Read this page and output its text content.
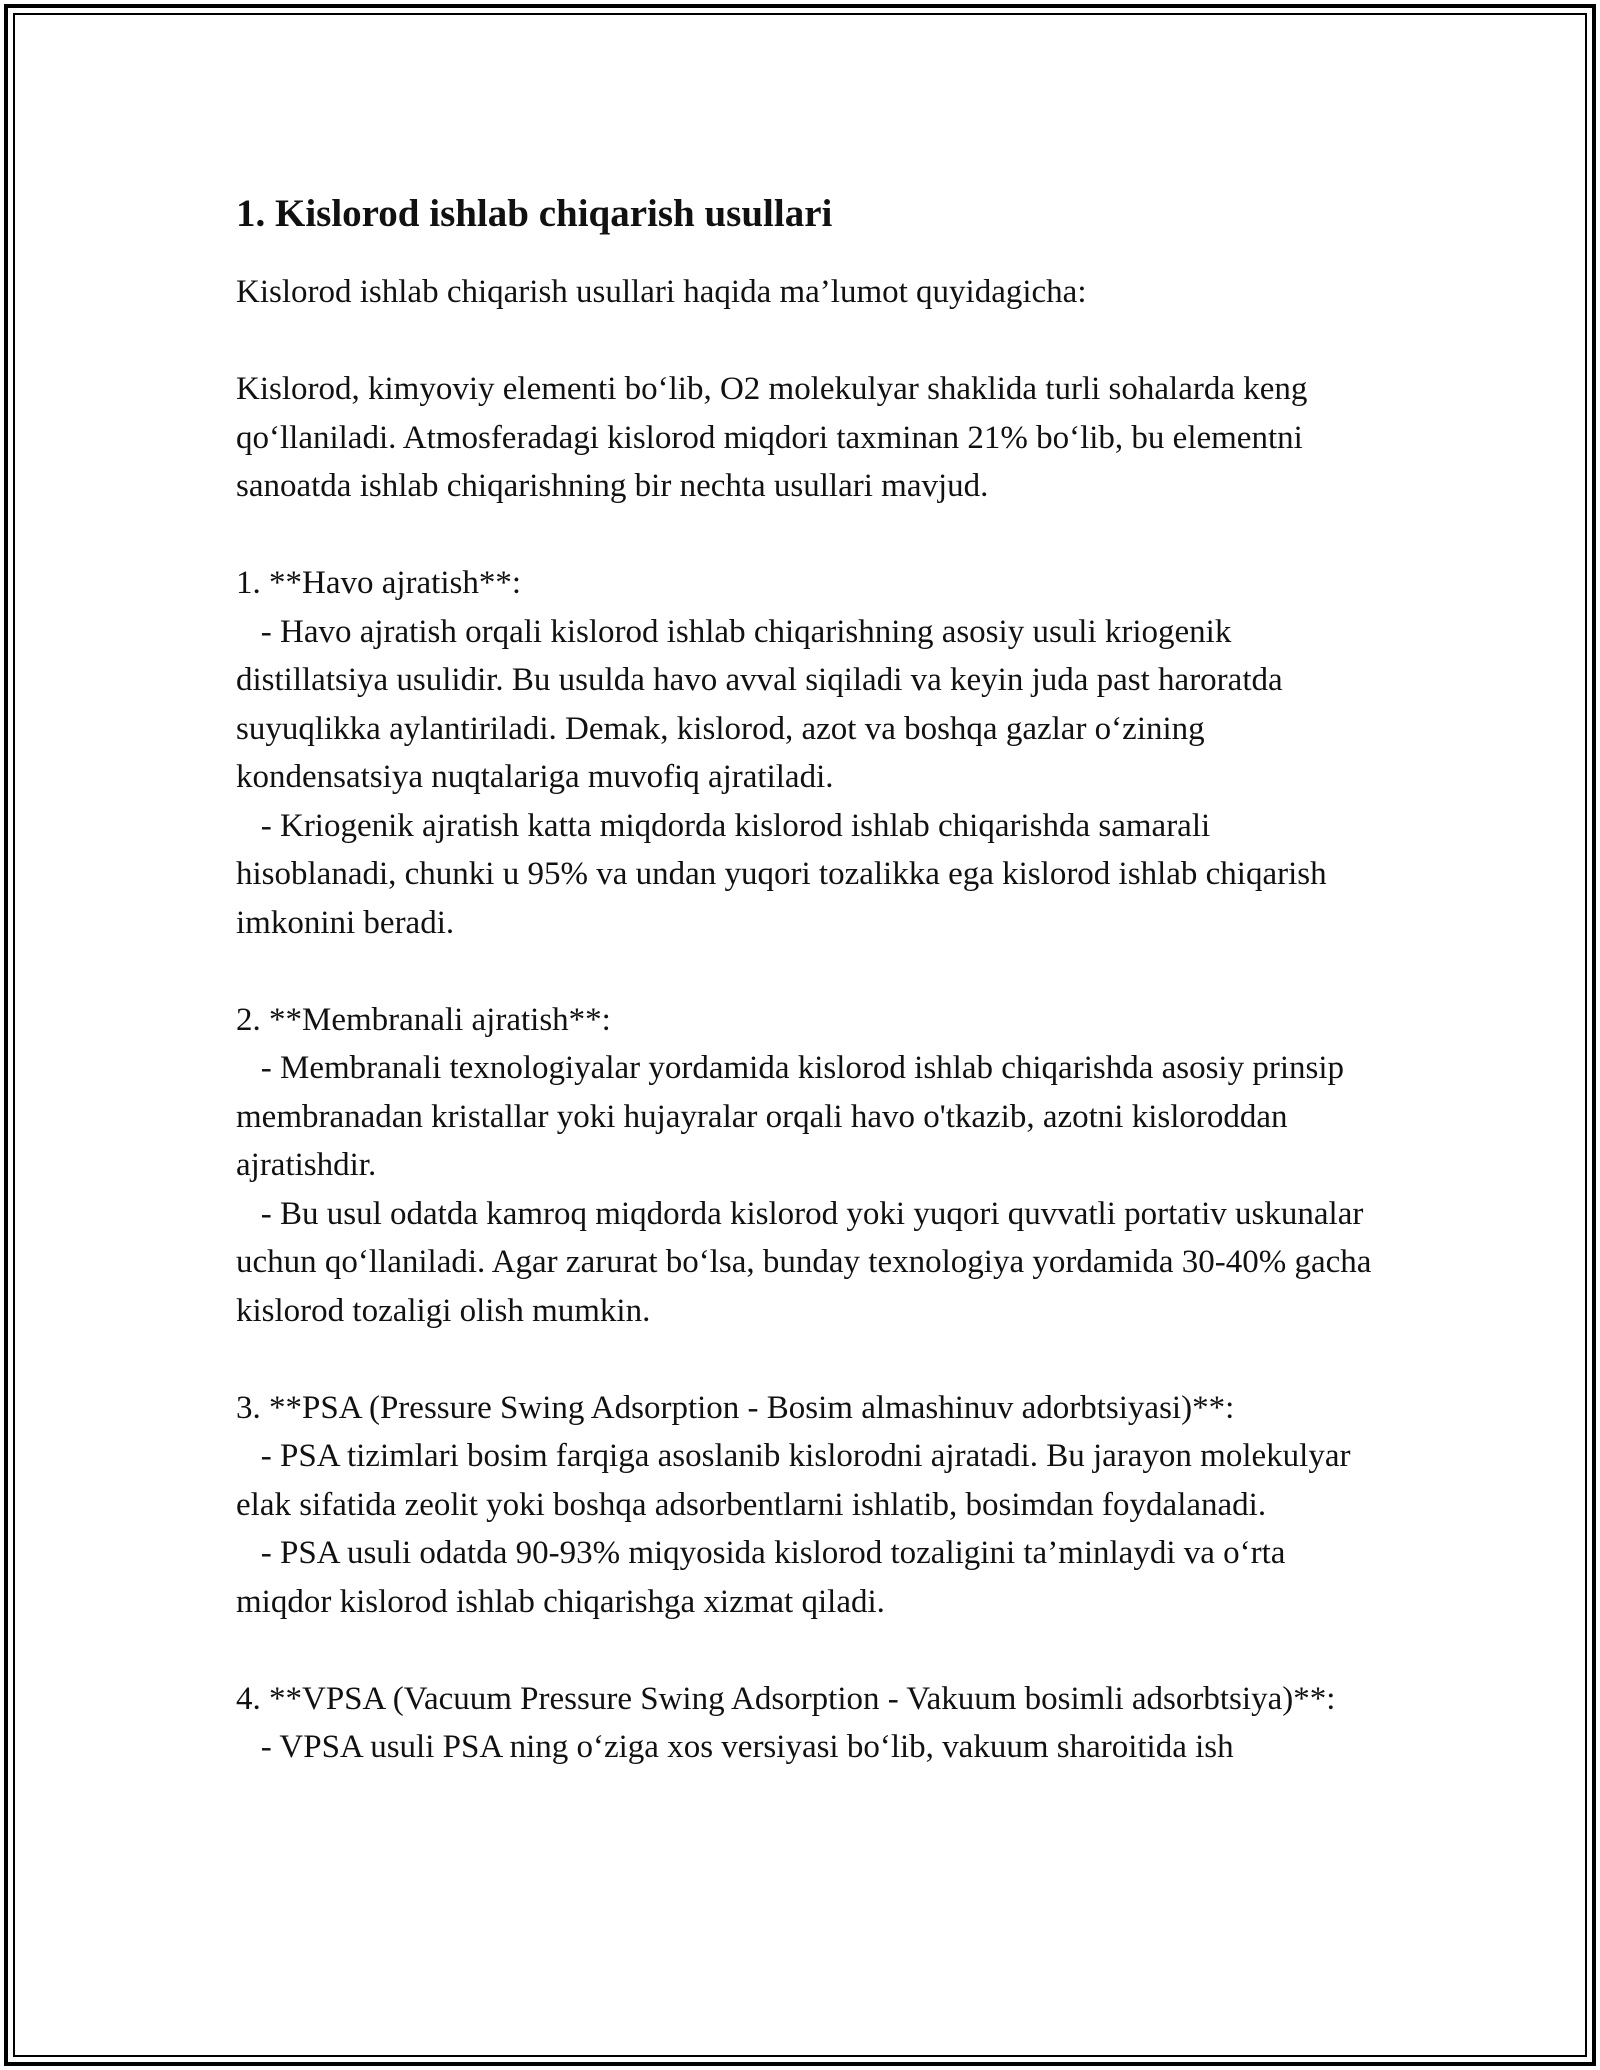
1. Kislorod ishlab chiqarish usullari

Kislorod ishlab chiqarish usullari haqida ma’lumot quyidagicha:

Kislorod, kimyoviy elementi bo‘lib, O2 molekulyar shaklida turli sohalarda keng qo‘llaniladi. Atmosferadagi kislorod miqdori taxminan 21% bo‘lib, bu elementni sanoatda ishlab chiqarishning bir nechta usullari mavjud.

1. **Havo ajratish**:

- Havo ajratish orqali kislorod ishlab chiqarishning asosiy usuli kriogenik distillatsiya usulidir. Bu usulda havo avval siqiladi va keyin juda past haroratda suyuqlikka aylantiriladi. Demak, kislorod, azot va boshqa gazlar o‘zining kondensatsiya nuqtalariga muvofiq ajratiladi.

- Kriogenik ajratish katta miqdorda kislorod ishlab chiqarishda samarali hisoblanadi, chunki u 95% va undan yuqori tozalikka ega kislorod ishlab chiqarish imkonini beradi.

2. **Membranali ajratish**:

- Membranali texnologiyalar yordamida kislorod ishlab chiqarishda asosiy prinsip membranadan kristallar yoki hujayralar orqali havo o'tkazib, azotni kisloroddan ajratishdir.

- Bu usul odatda kamroq miqdorda kislorod yoki yuqori quvvatli portativ uskunalar uchun qo‘llaniladi. Agar zarurat bo‘lsa, bunday texnologiya yordamida 30-40% gacha kislorod tozaligi olish mumkin.

3. **PSA (Pressure Swing Adsorption - Bosim almashinuv adorbtsiyasi)**:

- PSA tizimlari bosim farqiga asoslanib kislorodni ajratadi. Bu jarayon molekulyar elak sifatida zeolit yoki boshqa adsorbentlarni ishlatib, bosimdan foydalanadi.

- PSA usuli odatda 90-93% miqyosida kislorod tozaligini ta’minlaydi va o‘rta miqdor kislorod ishlab chiqarishga xizmat qiladi.

4. **VPSA (Vacuum Pressure Swing Adsorption - Vakuum bosimli adsorbtsiya)**:

- VPSA usuli PSA ning o‘ziga xos versiyasi bo‘lib, vakuum sharoitida ish
